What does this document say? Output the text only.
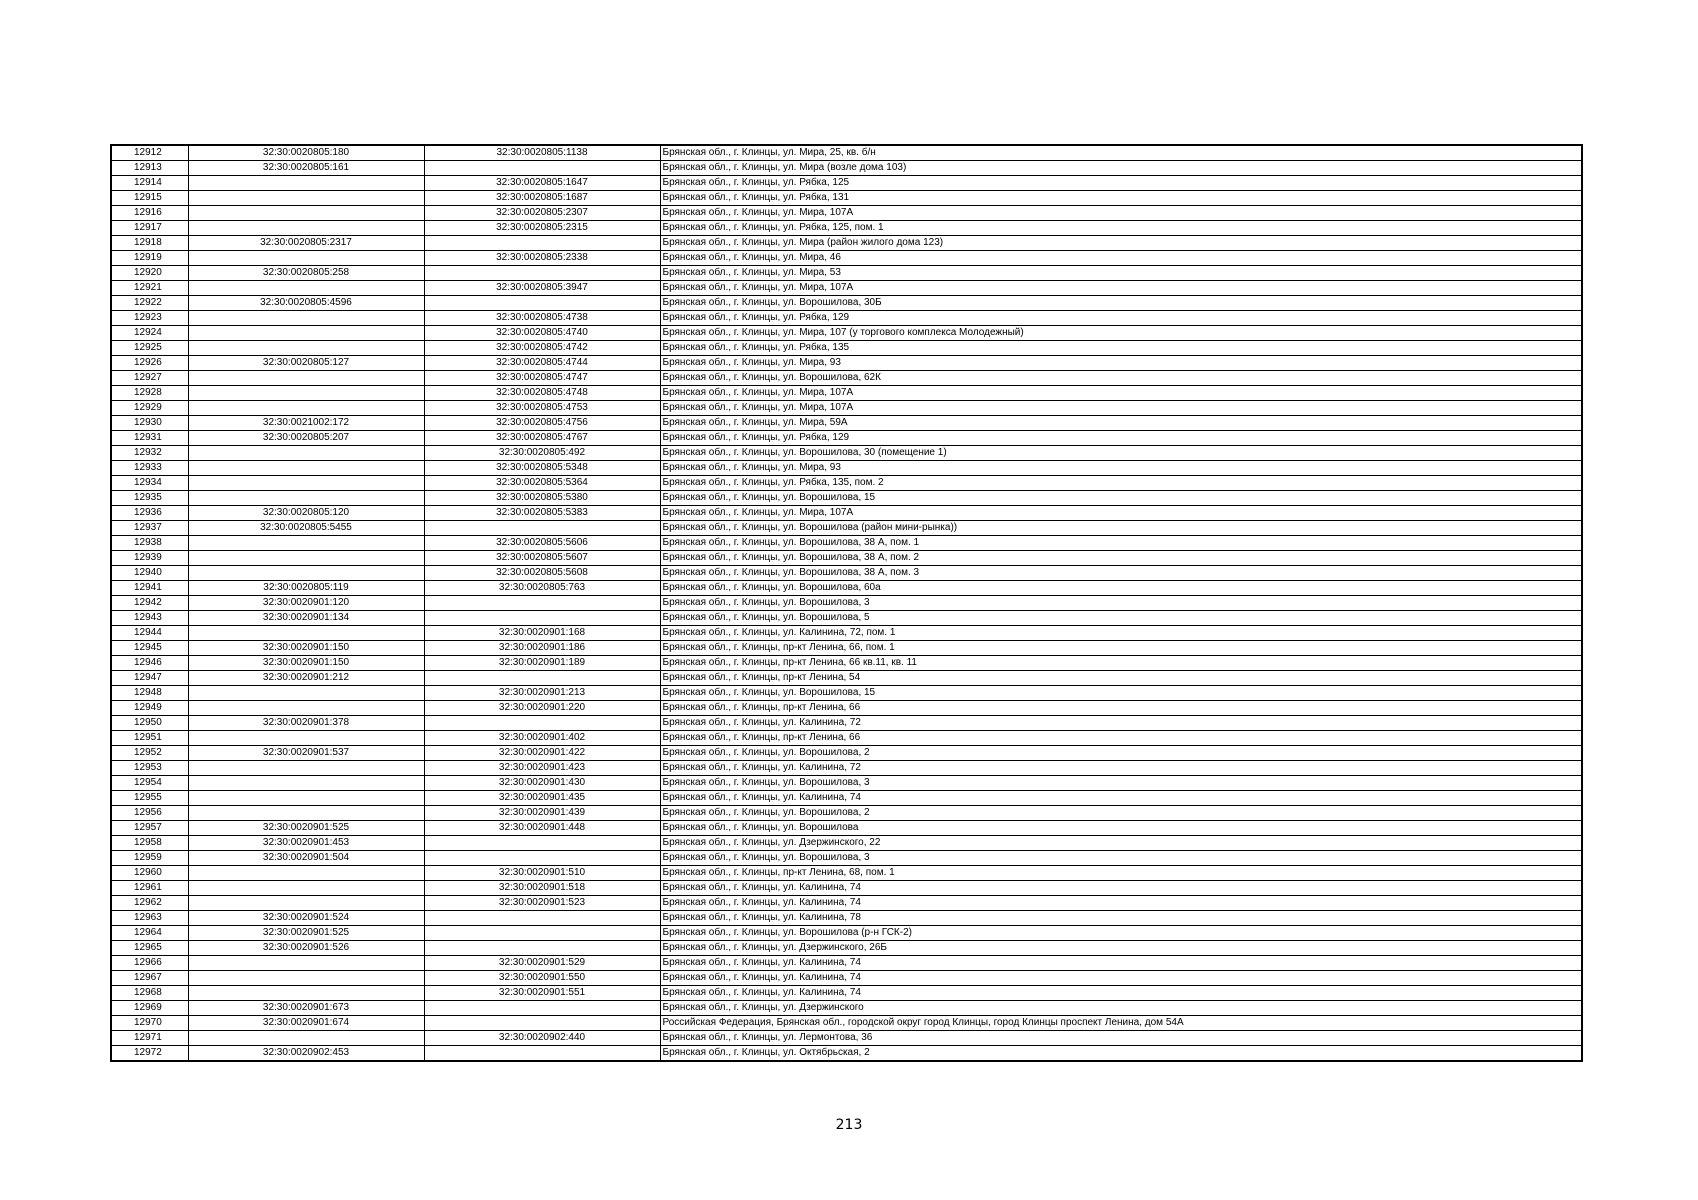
12912	32:30:0020805:180	32:30:0020805:1138	Брянская обл., г. Клинцы, ул. Мира, 25, кв. б/н
12913	32:30:0020805:161		Брянская обл., г. Клинцы, ул. Мира (возле дома 103)
12914		32:30:0020805:1647	Брянская обл., г. Клинцы, ул. Рябка, 125
12915		32:30:0020805:1687	Брянская обл., г. Клинцы, ул. Рябка, 131
12916		32:30:0020805:2307	Брянская обл., г. Клинцы, ул. Мира, 107А
12917		32:30:0020805:2315	Брянская обл., г. Клинцы, ул. Рябка, 125, пом. 1
12918	32:30:0020805:2317		Брянская обл., г. Клинцы, ул. Мира (район жилого дома 123)
12919		32:30:0020805:2338	Брянская обл., г. Клинцы, ул. Мира, 46
12920	32:30:0020805:258		Брянская обл., г. Клинцы, ул. Мира, 53
12921		32:30:0020805:3947	Брянская обл., г. Клинцы, ул. Мира, 107А
12922	32:30:0020805:4596		Брянская обл., г. Клинцы, ул. Ворошилова, 30Б
12923		32:30:0020805:4738	Брянская обл., г. Клинцы, ул. Рябка, 129
12924		32:30:0020805:4740	Брянская обл., г. Клинцы, ул. Мира, 107 (у торгового комплекса Молодежный)
12925		32:30:0020805:4742	Брянская обл., г. Клинцы, ул. Рябка, 135
12926	32:30:0020805:127	32:30:0020805:4744	Брянская обл., г. Клинцы, ул. Мира, 93
12927		32:30:0020805:4747	Брянская обл., г. Клинцы, ул. Ворошилова, 62К
12928		32:30:0020805:4748	Брянская обл., г. Клинцы, ул. Мира, 107А
12929		32:30:0020805:4753	Брянская обл., г. Клинцы, ул. Мира, 107А
12930	32:30:0021002:172	32:30:0020805:4756	Брянская обл., г. Клинцы, ул. Мира, 59А
12931	32:30:0020805:207	32:30:0020805:4767	Брянская обл., г. Клинцы, ул. Рябка, 129
12932		32:30:0020805:492	Брянская обл., г. Клинцы, ул. Ворошилова, 30 (помещение 1)
12933		32:30:0020805:5348	Брянская обл., г. Клинцы, ул. Мира, 93
12934		32:30:0020805:5364	Брянская обл., г. Клинцы, ул. Рябка, 135, пом. 2
12935		32:30:0020805:5380	Брянская обл., г. Клинцы, ул. Ворошилова, 15
12936	32:30:0020805:120	32:30:0020805:5383	Брянская обл., г. Клинцы, ул. Мира, 107А
12937	32:30:0020805:5455		Брянская обл., г. Клинцы, ул. Ворошилова (район мини-рынка))
12938		32:30:0020805:5606	Брянская обл., г. Клинцы, ул. Ворошилова, 38 А, пом. 1
12939		32:30:0020805:5607	Брянская обл., г. Клинцы, ул. Ворошилова, 38 А, пом. 2
12940		32:30:0020805:5608	Брянская обл., г. Клинцы, ул. Ворошилова, 38 А, пом. 3
12941	32:30:0020805:119	32:30:0020805:763	Брянская обл., г. Клинцы, ул. Ворошилова, 60а
12942	32:30:0020901:120		Брянская обл., г. Клинцы, ул. Ворошилова, 3
12943	32:30:0020901:134		Брянская обл., г. Клинцы, ул. Ворошилова, 5
12944		32:30:0020901:168	Брянская обл., г. Клинцы, ул. Калинина, 72, пом. 1
12945	32:30:0020901:150	32:30:0020901:186	Брянская обл., г. Клинцы, пр-кт Ленина, 66, пом. 1
12946	32:30:0020901:150	32:30:0020901:189	Брянская обл., г. Клинцы, пр-кт Ленина, 66 кв.11, кв. 11
12947	32:30:0020901:212		Брянская обл., г. Клинцы, пр-кт Ленина, 54
12948		32:30:0020901:213	Брянская обл., г. Клинцы, ул. Ворошилова, 15
12949		32:30:0020901:220	Брянская обл., г. Клинцы, пр-кт Ленина, 66
12950	32:30:0020901:378		Брянская обл., г. Клинцы, ул. Калинина, 72
12951		32:30:0020901:402	Брянская обл., г. Клинцы, пр-кт Ленина, 66
12952	32:30:0020901:537	32:30:0020901:422	Брянская обл., г. Клинцы, ул. Ворошилова, 2
12953		32:30:0020901:423	Брянская обл., г. Клинцы, ул. Калинина, 72
12954		32:30:0020901:430	Брянская обл., г. Клинцы, ул. Ворошилова, 3
12955		32:30:0020901:435	Брянская обл., г. Клинцы, ул. Калинина, 74
12956		32:30:0020901:439	Брянская обл., г. Клинцы, ул. Ворошилова, 2
12957	32:30:0020901:525	32:30:0020901:448	Брянская обл., г. Клинцы, ул. Ворошилова
12958	32:30:0020901:453		Брянская обл., г. Клинцы, ул. Дзержинского, 22
12959	32:30:0020901:504		Брянская обл., г. Клинцы, ул. Ворошилова, 3
12960		32:30:0020901:510	Брянская обл., г. Клинцы, пр-кт Ленина, 68, пом. 1
12961		32:30:0020901:518	Брянская обл., г. Клинцы, ул. Калинина, 74
12962		32:30:0020901:523	Брянская обл., г. Клинцы, ул. Калинина, 74
12963	32:30:0020901:524		Брянская обл., г. Клинцы, ул. Калинина, 78
12964	32:30:0020901:525		Брянская обл., г. Клинцы, ул. Ворошилова (р-н ГСК-2)
12965	32:30:0020901:526		Брянская обл., г. Клинцы, ул. Дзержинского, 26Б
12966		32:30:0020901:529	Брянская обл., г. Клинцы, ул. Калинина, 74
12967		32:30:0020901:550	Брянская обл., г. Клинцы, ул. Калинина, 74
12968		32:30:0020901:551	Брянская обл., г. Клинцы, ул. Калинина, 74
12969	32:30:0020901:673		Брянская обл., г. Клинцы, ул. Дзержинского
12970	32:30:0020901:674		Российская Федерация, Брянская обл., городской округ город Клинцы, город Клинцы проспект Ленина, дом 54А
12971		32:30:0020902:440	Брянская обл., г. Клинцы, ул. Лермонтова, 36
12972	32:30:0020902:453		Брянская обл., г. Клинцы, ул. Октябрьская, 2
213
